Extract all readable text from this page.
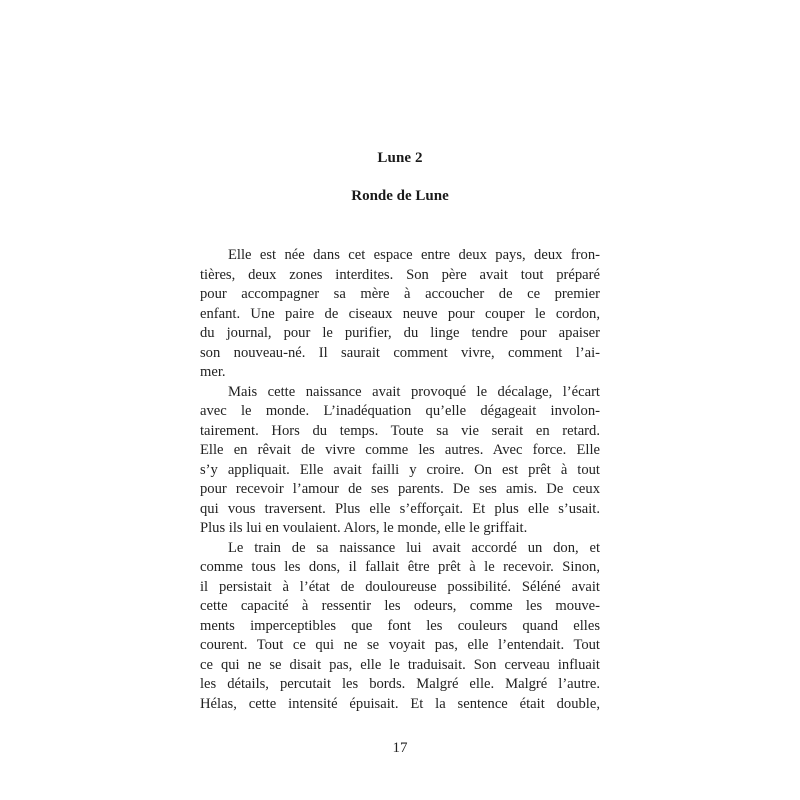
Lune 2
Ronde de Lune
Elle est née dans cet espace entre deux pays, deux fron-
tières, deux zones interdites. Son père avait tout préparé
pour accompagner sa mère à accoucher de ce premier
enfant. Une paire de ciseaux neuve pour couper le cordon,
du journal, pour le purifier, du linge tendre pour apaiser
son nouveau-né. Il saurait comment vivre, comment l’ai-
mer.
Mais cette naissance avait provoqué le décalage, l’écart
avec le monde. L’inadéquation qu’elle dégageait involon-
tairement. Hors du temps. Toute sa vie serait en retard.
Elle en rêvait de vivre comme les autres. Avec force. Elle
s’y appliquait. Elle avait failli y croire. On est prêt à tout
pour recevoir l’amour de ses parents. De ses amis. De ceux
qui vous traversent. Plus elle s’efforçait. Et plus elle s’usait.
Plus ils lui en voulaient. Alors, le monde, elle le griffait.
Le train de sa naissance lui avait accordé un don, et
comme tous les dons, il fallait être prêt à le recevoir. Sinon,
il persistait à l’état de douloureuse possibilité. Séléné avait
cette capacité à ressentir les odeurs, comme les mouve-
ments imperceptibles que font les couleurs quand elles
courent. Tout ce qui ne se voyait pas, elle l’entendait. Tout
ce qui ne se disait pas, elle le traduisait. Son cerveau influait
les détails, percutait les bords. Malgré elle. Malgré l’autre.
Hélas, cette intensité épuisait. Et la sentence était double,
17
